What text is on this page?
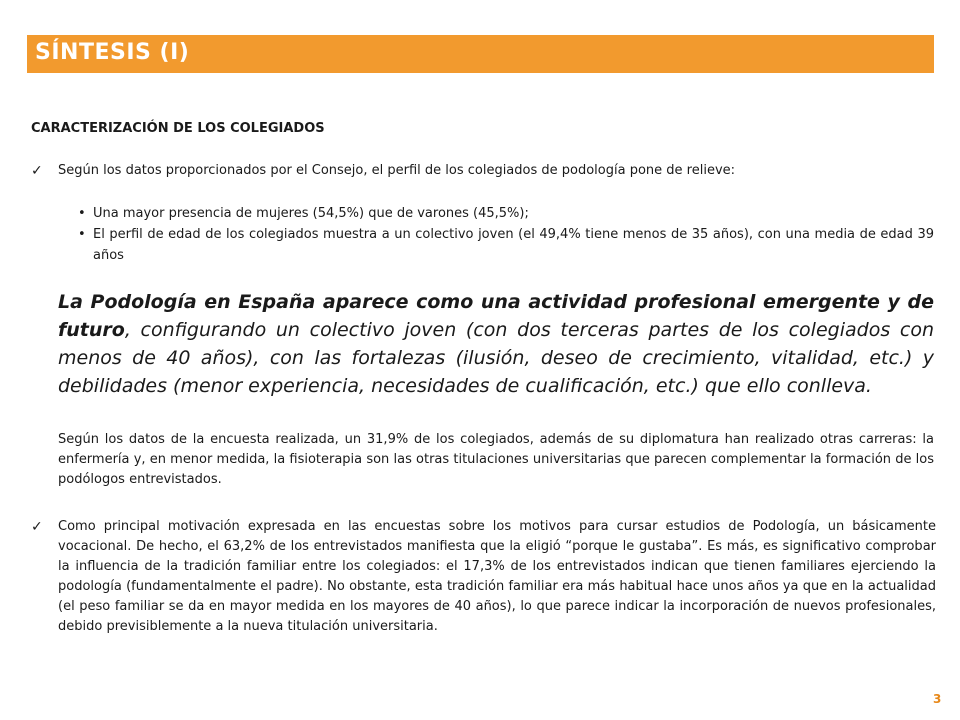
SÍNTESIS (I)
CARACTERIZACIÓN DE LOS COLEGIADOS
✓ Según los datos proporcionados por el Consejo, el perfil de los colegiados de podología pone de relieve:
• Una mayor presencia de mujeres (54,5%) que de varones (45,5%);
• El perfil de edad de los colegiados muestra a un colectivo joven (el 49,4% tiene menos de 35 años), con una media de edad 39 años
La Podología en España aparece como una actividad profesional emergente y de futuro, configurando un colectivo joven (con dos terceras partes de los colegiados con menos de 40 años), con las fortalezas (ilusión, deseo de crecimiento, vitalidad, etc.) y debilidades (menor experiencia, necesidades de cualificación, etc.) que ello conlleva.
Según los datos de la encuesta realizada, un 31,9% de los colegiados, además de su diplomatura han realizado otras carreras: la enfermería y, en menor medida, la fisioterapia son las otras titulaciones universitarias que parecen complementar la formación de los podólogos entrevistados.
✓ Como principal motivación expresada en las encuestas sobre los motivos para cursar estudios de Podología, un básicamente vocacional. De hecho, el 63,2% de los entrevistados manifiesta que la eligió “porque le gustaba”. Es más, es significativo comprobar la influencia de la tradición familiar entre los colegiados: el 17,3% de los entrevistados indican que tienen familiares ejerciendo la podología (fundamentalmente el padre). No obstante, esta tradición familiar era más habitual hace unos años ya que en la actualidad (el peso familiar se da en mayor medida en los mayores de 40 años), lo que parece indicar la incorporación de nuevos profesionales, debido previsiblemente a la nueva titulación universitaria.
3
